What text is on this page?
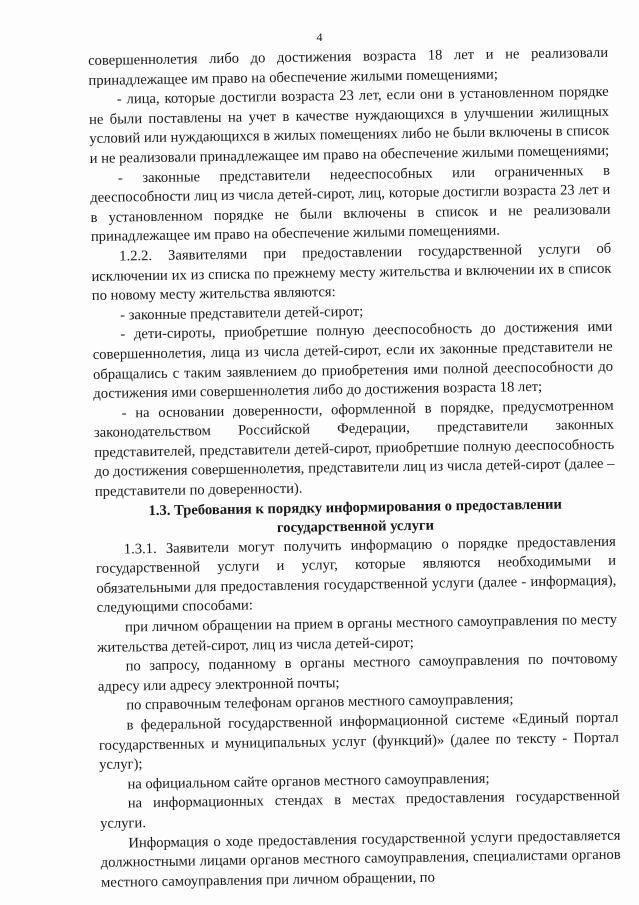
4

совершеннолетия либо до достижения возраста 18 лет и не реализовали принадлежащее им право на обеспечение жилыми помещениями;

- лица, которые достигли возраста 23 лет, если они в установленном порядке не были поставлены на учет в качестве нуждающихся в улучшении жилищных условий или нуждающихся в жилых помещениях либо не были включены в список и не реализовали принадлежащее им право на обеспечение жилыми помещениями;

- законные представители недееспособных или ограниченных в дееспособности лиц из числа детей-сирот, лиц, которые достигли возраста 23 лет и в установленном порядке не были включены в список и не реализовали принадлежащее им право на обеспечение жилыми помещениями.

1.2.2. Заявителями при предоставлении государственной услуги об исключении их из списка по прежнему месту жительства и включении их в список по новому месту жительства являются:

- законные представители детей-сирот;

- дети-сироты, приобретшие полную дееспособность до достижения ими совершеннолетия, лица из числа детей-сирот, если их законные представители не обращались с таким заявлением до приобретения ими полной дееспособности до достижения ими совершеннолетия либо до достижения возраста 18 лет;

- на основании доверенности, оформленной в порядке, предусмотренном законодательством Российской Федерации, представители законных представителей, представители детей-сирот, приобретшие полную дееспособность до достижения совершеннолетия, представители лиц из числа детей-сирот (далее –представители по доверенности).

1.3. Требования к порядку информирования о предоставлении государственной услуги

1.3.1. Заявители могут получить информацию о порядке предоставления государственной услуги и услуг, которые являются необходимыми и обязательными для предоставления государственной услуги (далее - информация), следующими способами:

при личном обращении на прием в органы местного самоуправления по месту жительства детей-сирот, лиц из числа детей-сирот;

по запросу, поданному в органы местного самоуправления по почтовому адресу или адресу электронной почты;

по справочным телефонам органов местного самоуправления;

в федеральной государственной информационной системе «Единый портал государственных и муниципальных услуг (функций)» (далее по тексту - Портал услуг);

на официальном сайте органов местного самоуправления;

на информационных стендах в местах предоставления государственной услуги.

Информация о ходе предоставления государственной услуги предоставляется должностными лицами органов местного самоуправления, специалистами органов местного самоуправления при личном обращении, по
